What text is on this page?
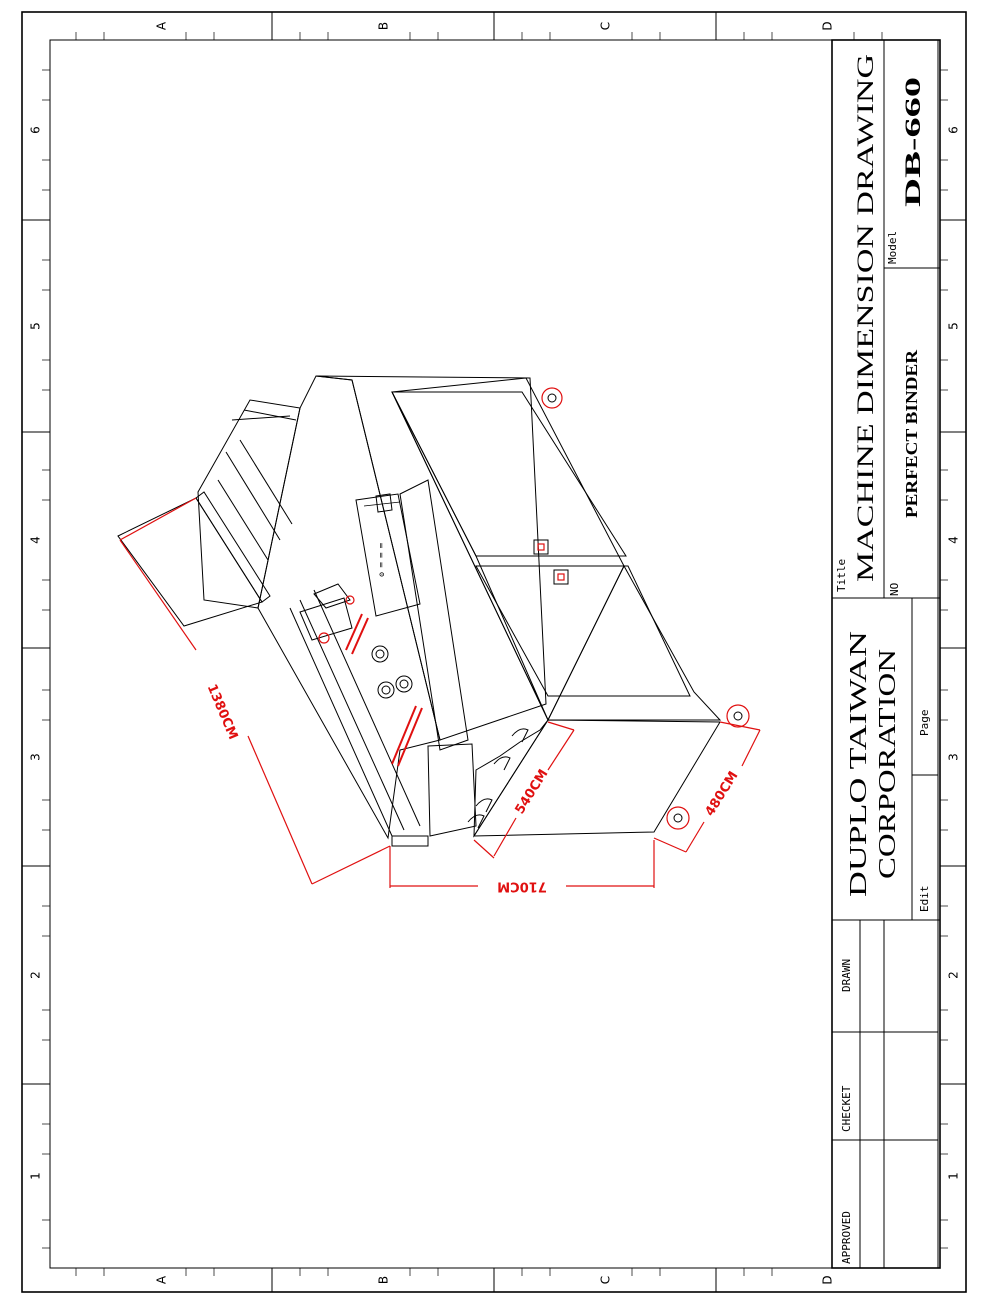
A	B	C	D
A	B	C	D
6
5
4
3
2
1
6
5
4
3
2
1
Title MACHINE DIMENSION DRAWING
NO
PERFECT BINDER
Model
DB-660
DUPLO TAIWAN CORPORATION Page
Edit
APPROVED
CHECKET
DRAWN
ʘ ═ ═ ═
1380CM
710CM
540CM	480CM
